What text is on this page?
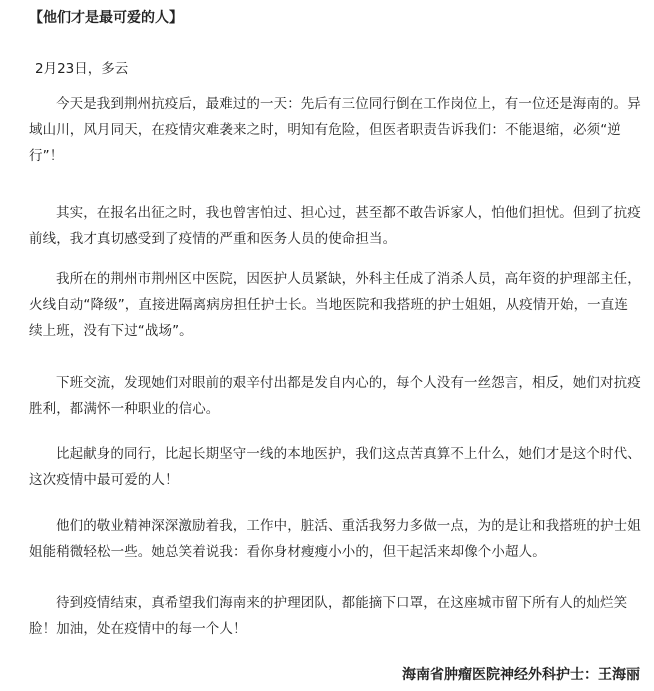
【他们才是最可爱的人】
2月23日，多云

今天是我到荆州抗疫后，最难过的一天：先后有三位同行倒在工作岗位上，有一位还是海南的。异域山川，风月同天，在疫情灾难袭来之时，明知有危险，但医者职责告诉我们：不能退缩，必须“逆行”！

其实，在报名出征之时，我也曾害怕过、担心过，甚至都不敢告诉家人，怕他们担忧。但到了抗疫前线，我才真切感受到了疫情的严重和医务人员的使命担当。

我所在的荆州市荆州区中医院，因医护人员紧缺，外科主任成了消杀人员，高年资的护理部主任，火线自动“降级”，直接进隔离病房担任护士长。当地医院和我搭班的护士姐姐，从疫情开始，一直连续上班，没有下过“战场”。

下班交流，发现她们对眼前的艰辛付出都是发自内心的，每个人没有一丝怨言，相反，她们对抗疫胜利，都满怀一种职业的信心。

比起献身的同行，比起长期坚守一线的本地医护，我们这点苦真算不上什么，她们才是这个时代、这次疫情中最可爱的人！

他们的敬业精神深深激励着我，工作中，脏活、重活我努力多做一点，为的是让和我搭班的护士姐姐能稍微轻松一些。她总笑着说我：看你身材瘦瘦小小的，但干起活来却像个小超人。

待到疫情结束，真希望我们海南来的护理团队，都能摘下口罩，在这座城市留下所有人的灿烂笑脸！加油，处在疫情中的每一个人！

海南省肿瘤医院神经外科护士：王海丽
